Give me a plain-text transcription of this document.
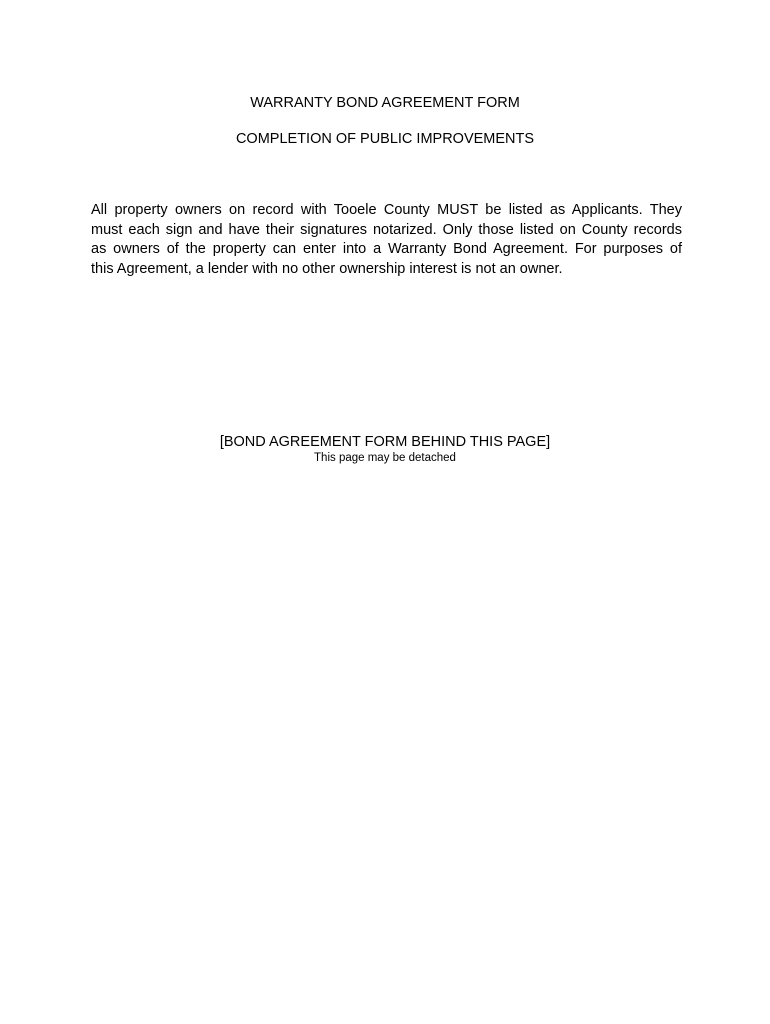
WARRANTY BOND AGREEMENT FORM
COMPLETION OF PUBLIC IMPROVEMENTS
All property owners on record with Tooele County MUST be listed as Applicants. They
must each sign and have their signatures notarized. Only those listed on County records
as owners of the property can enter into a Warranty Bond Agreement. For purposes of
this Agreement, a lender with no other ownership interest is not an owner.

[BOND AGREEMENT FORM BEHIND THIS PAGE]

This page may be detached
